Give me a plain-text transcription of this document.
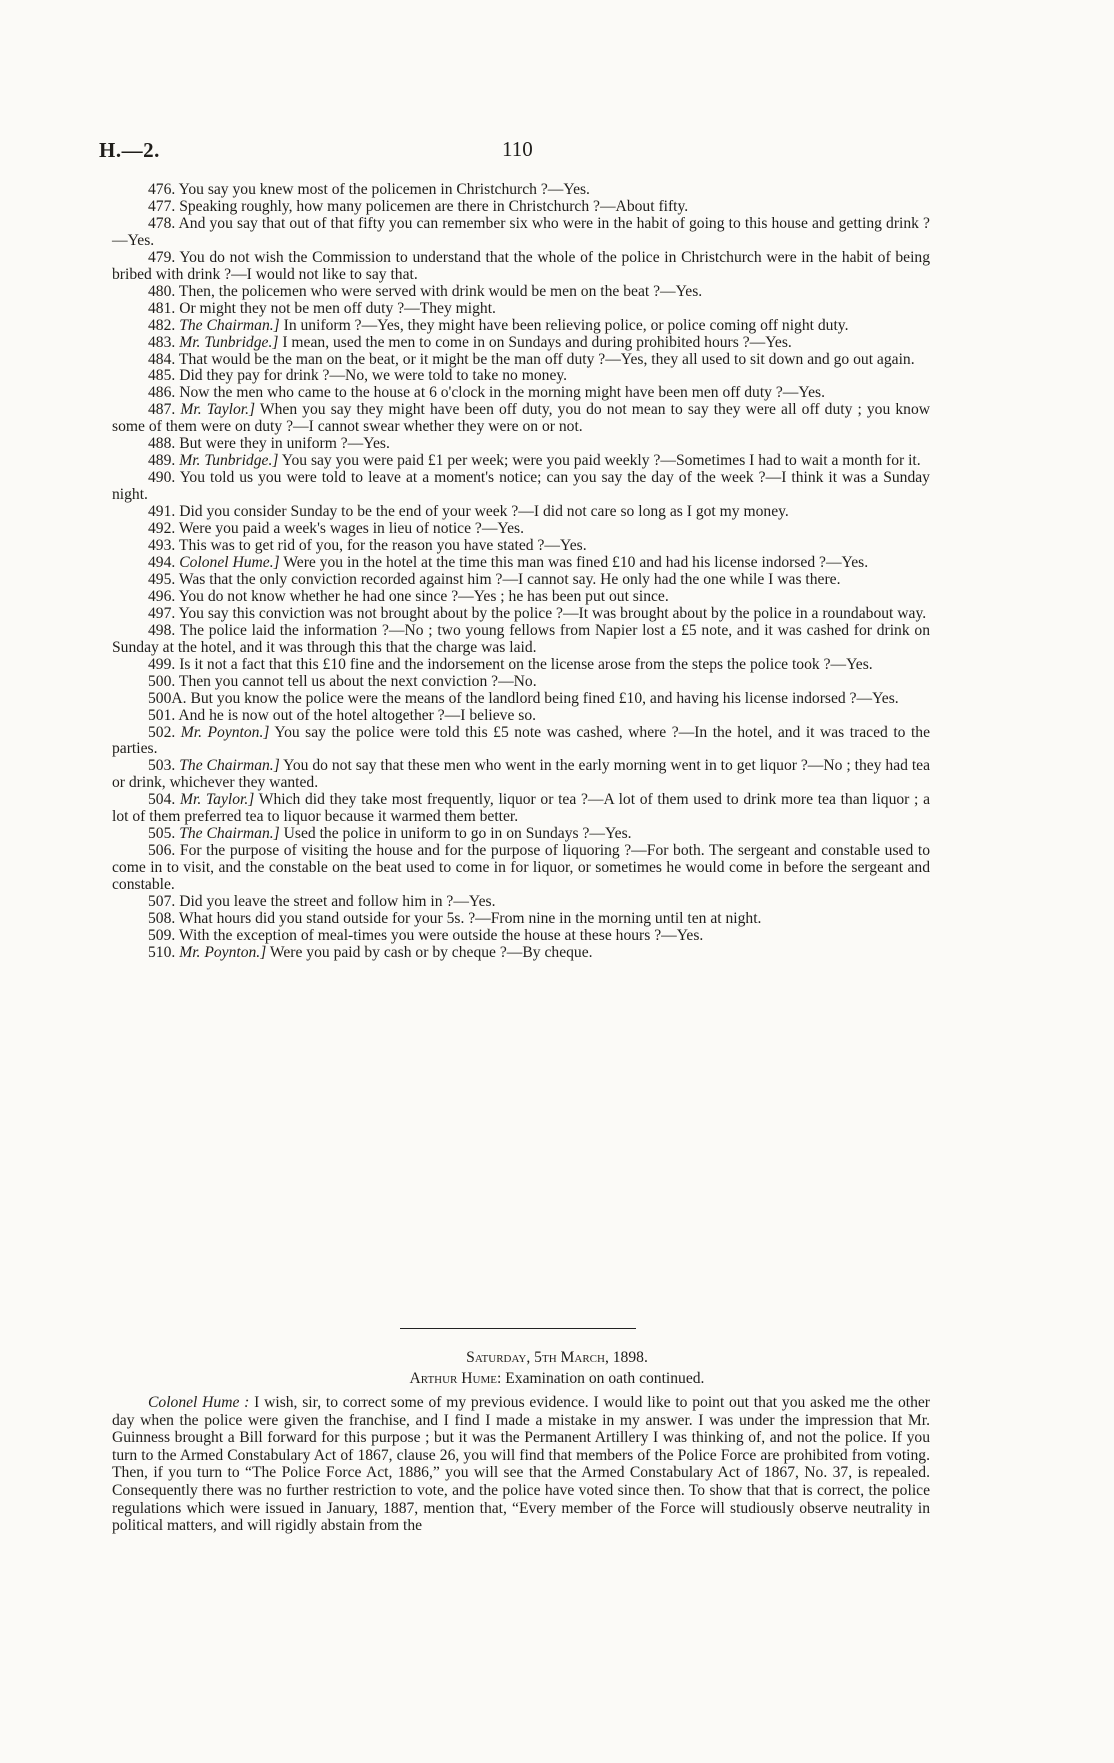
H.—2.	110

476. You say you knew most of the policemen in Christchurch ?—Yes.

477. Speaking roughly, how many policemen are there in Christchurch ?—About fifty.

478. And you say that out of that fifty you can remember six who were in the habit of going to this house and getting drink ?—Yes.

479. You do not wish the Commission to understand that the whole of the police in Christchurch were in the habit of being bribed with drink ?—I would not like to say that.

480. Then, the policemen who were served with drink would be men on the beat ?—Yes.

481. Or might they not be men off duty ?—They might.

482. The Chairman.] In uniform ?—Yes, they might have been relieving police, or police coming off night duty.

483. Mr. Tunbridge.] I mean, used the men to come in on Sundays and during prohibited hours ?—Yes.

484. That would be the man on the beat, or it might be the man off duty ?—Yes, they all used to sit down and go out again.

485. Did they pay for drink ?—No, we were told to take no money.

486. Now the men who came to the house at 6 o'clock in the morning might have been men off duty ?—Yes.

487. Mr. Taylor.] When you say they might have been off duty, you do not mean to say they were all off duty ; you know some of them were on duty ?—I cannot swear whether they were on or not.

488. But were they in uniform ?—Yes.

489. Mr. Tunbridge.] You say you were paid £1 per week; were you paid weekly ?—Sometimes I had to wait a month for it.

490. You told us you were told to leave at a moment's notice; can you say the day of the week ?—I think it was a Sunday night.

491. Did you consider Sunday to be the end of your week ?—I did not care so long as I got my money.

492. Were you paid a week's wages in lieu of notice ?—Yes.

493. This was to get rid of you, for the reason you have stated ?—Yes.

494. Colonel Hume.] Were you in the hotel at the time this man was fined £10 and had his license indorsed ?—Yes.

495. Was that the only conviction recorded against him ?—I cannot say. He only had the one while I was there.

496. You do not know whether he had one since ?—Yes ; he has been put out since.

497. You say this conviction was not brought about by the police ?—It was brought about by the police in a roundabout way.

498. The police laid the information ?—No ; two young fellows from Napier lost a £5 note, and it was cashed for drink on Sunday at the hotel, and it was through this that the charge was laid.

499. Is it not a fact that this £10 fine and the indorsement on the license arose from the steps the police took ?—Yes.

500. Then you cannot tell us about the next conviction ?—No.

500A. But you know the police were the means of the landlord being fined £10, and having his license indorsed ?—Yes.

501. And he is now out of the hotel altogether ?—I believe so.

502. Mr. Poynton.] You say the police were told this £5 note was cashed, where ?—In the hotel, and it was traced to the parties.

503. The Chairman.] You do not say that these men who went in the early morning went in to get liquor ?—No ; they had tea or drink, whichever they wanted.

504. Mr. Taylor.] Which did they take most frequently, liquor or tea ?—A lot of them used to drink more tea than liquor ; a lot of them preferred tea to liquor because it warmed them better.

505. The Chairman.] Used the police in uniform to go in on Sundays ?—Yes.

506. For the purpose of visiting the house and for the purpose of liquoring ?—For both. The sergeant and constable used to come in to visit, and the constable on the beat used to come in for liquor, or sometimes he would come in before the sergeant and constable.

507. Did you leave the street and follow him in ?—Yes.

508. What hours did you stand outside for your 5s. ?—From nine in the morning until ten at night.

509. With the exception of meal-times you were outside the house at these hours ?—Yes.

510. Mr. Poynton.] Were you paid by cash or by cheque ?—By cheque.

Saturday, 5th March, 1898.
Arthur Hume: Examination on oath continued.

Colonel Hume : I wish, sir, to correct some of my previous evidence. I would like to point out that you asked me the other day when the police were given the franchise, and I find I made a mistake in my answer. I was under the impression that Mr. Guinness brought a Bill forward for this purpose ; but it was the Permanent Artillery I was thinking of, and not the police. If you turn to the Armed Constabulary Act of 1867, clause 26, you will find that members of the Police Force are prohibited from voting. Then, if you turn to “The Police Force Act, 1886,” you will see that the Armed Constabulary Act of 1867, No. 37, is repealed. Consequently there was no further restriction to vote, and the police have voted since then. To show that that is correct, the police regulations which were issued in January, 1887, mention that, “Every member of the Force will studiously observe neutrality in political matters, and will rigidly abstain from the
